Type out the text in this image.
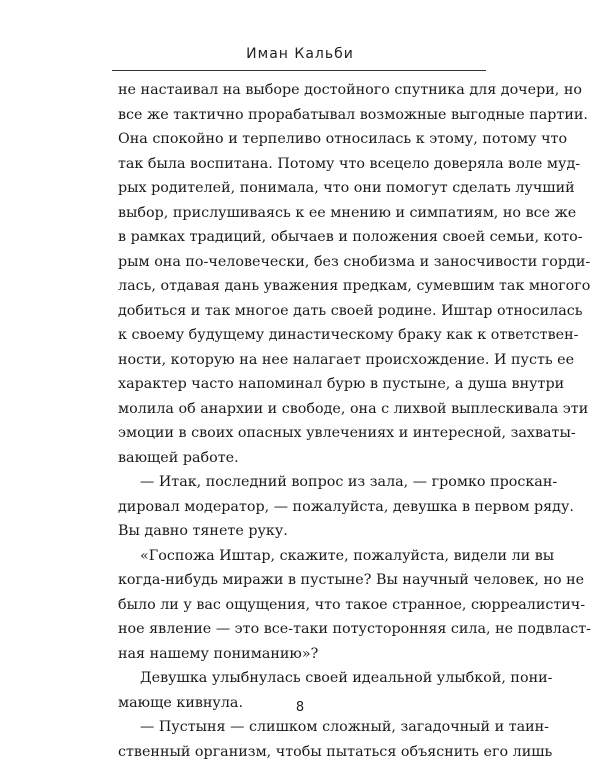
Иман Кальби
не настаивал на выборе достойного спутника для дочери, но
все же тактично прорабатывал возможные выгодные партии.
Она спокойно и терпеливо относилась к этому, потому что
так была воспитана. Потому что всецело доверяла воле муд-
рых родителей, понимала, что они помогут сделать лучший
выбор, прислушиваясь к ее мнению и симпатиям, но все же
в рамках традиций, обычаев и положения своей семьи, кото-
рым она по-человечески, без снобизма и заносчивости горди-
лась, отдавая дань уважения предкам, сумевшим так многого
добиться и так многое дать своей родине. Иштар относилась
к своему будущему династическому браку как к ответствен-
ности, которую на нее налагает происхождение. И пусть ее
характер часто напоминал бурю в пустыне, а душа внутри
молила об анархии и свободе, она с лихвой выплескивала эти
эмоции в своих опасных увлечениях и интересной, захваты-
вающей работе.
— Итак, последний вопрос из зала, — громко проскан-
дировал модератор, — пожалуйста, девушка в первом ряду.
Вы давно тянете руку.
«Госпожа Иштар, скажите, пожалуйста, видели ли вы
когда-нибудь миражи в пустыне? Вы научный человек, но не
было ли у вас ощущения, что такое странное, сюрреалистич-
ное явление — это все-таки потусторонняя сила, не подвласт-
ная нашему пониманию»?
Девушка улыбнулась своей идеальной улыбкой, пони-
мающе кивнула.
— Пустыня — слишком сложный, загадочный и таин-
ственный организм, чтобы пытаться объяснить его лишь
8
